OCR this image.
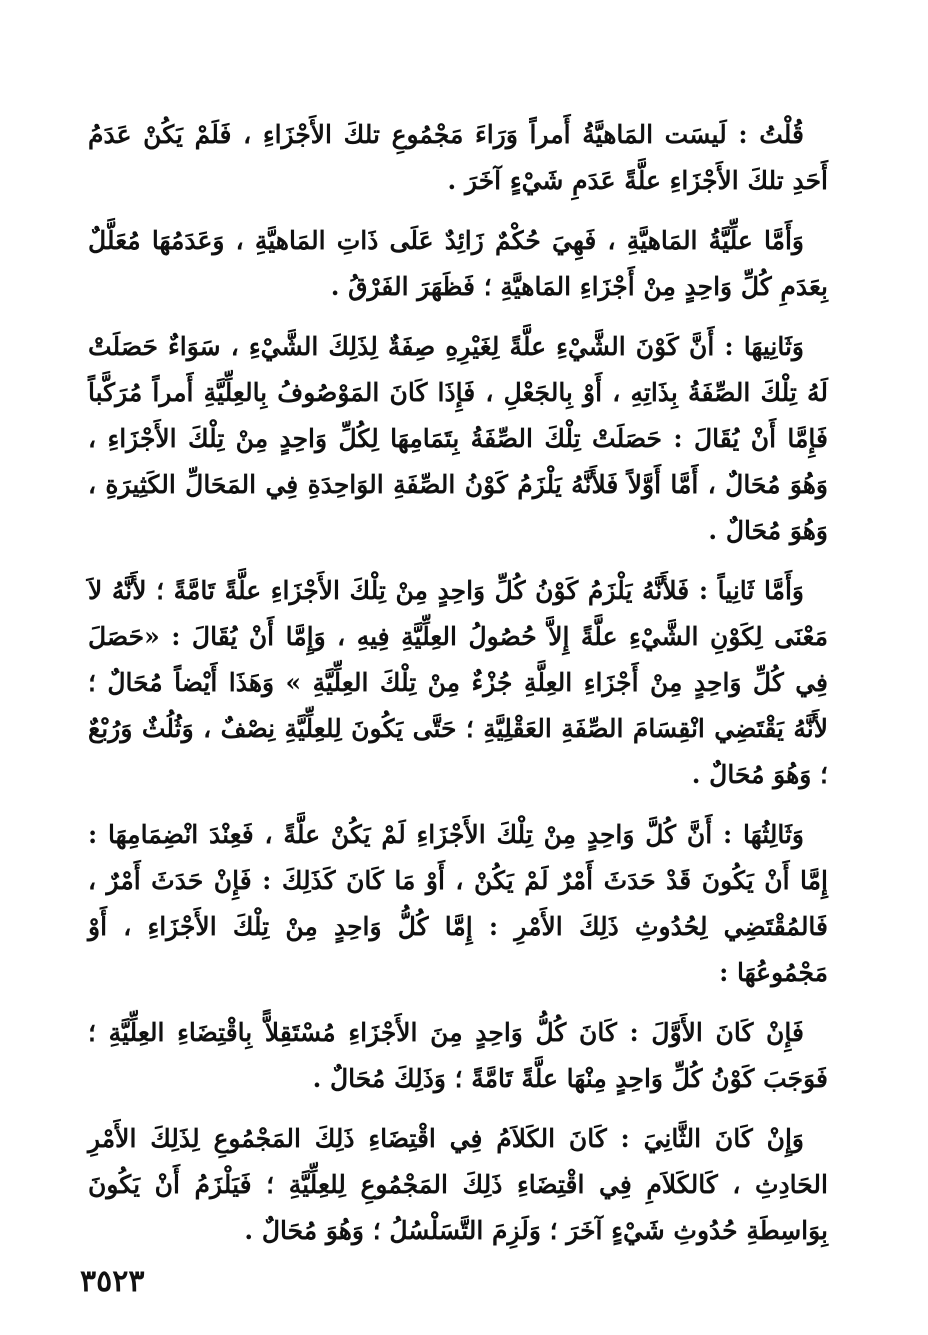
قُلْتُ : لَيسَت المَاهيَّةُ أَمراً وَرَاءَ مَجْمُوعِ تلكَ الأَجْزَاءِ ، فَلَمْ يَكُنْ عَدَمُ أَحَدِ تلكَ الأَجْزَاءِ علَّةً عَدَمِ شَيْءٍ آخَرَ .

وَأَمَّا علِّيَّةُ المَاهيَّةِ ، فَهِيَ حُكْمٌ زَائِدٌ عَلَى ذَاتِ المَاهيَّةِ ، وَعَدَمُهَا مُعَلَّلٌ بِعَدَمِ كُلِّ وَاحِدٍ مِنْ أَجْزَاءِ المَاهيَّةِ ؛ فَظَهَرَ الفَرْقُ .

وَثَانِيهَا : أَنَّ كَوْنَ الشَّيْءِ علَّةً لِغَيْرِهِ صِفَةٌ لِذَلِكَ الشَّيْءِ ، سَوَاءٌ حَصَلَتْ لَهُ تِلْكَ الصِّفَةُ بِذَاتِهِ ، أَوْ بِالجَعْلِ ، فَإِذَا كَانَ المَوْصُوفُ بِالعِلِّيَّةِ أَمراً مُرَكَّباً فَإِمَّا أَنْ يُقَالَ : حَصَلَتْ تِلْكَ الصِّفَةُ بِتَمَامِهَا لِكُلِّ وَاحِدٍ مِنْ تِلْكَ الأَجْزَاءِ ، وَهُوَ مُحَالٌ ، أَمَّا أَوَّلاً فَلأَنَّهُ يَلْزَمُ كَوْنُ الصِّفَةِ الوَاحِدَةِ فِي المَحَالِّ الكَثِيرَةِ ، وَهُوَ مُحَالٌ .

وَأَمَّا ثَانِياً : فَلأَنَّهُ يَلْزَمُ كَوْنُ كُلِّ وَاحِدٍ مِنْ تِلْكَ الأَجْزَاءِ علَّةً تَامَّةً ؛ لأَنَّهُ لاَ مَعْنَى لِكَوْنِ الشَّيْءِ علَّةً إِلاَّ حُصُولُ العِلِّيَّةِ فِيهِ ، وَإِمَّا أَنْ يُقَالَ : «حَصَلَ فِي كُلِّ وَاحِدٍ مِنْ أَجْزَاءِ العِلَّةِ جُزْءٌ مِنْ تِلْكَ العِلِّيَّةِ » وَهَذَا أَيْضاً مُحَالٌ ؛ لأَنَّهُ يَقْتَضِي انْقِسَامَ الصِّفَةِ العَقْلِيَّةِ ؛ حَتَّى يَكُونَ لِلعِلِّيَّةِ نِصْفٌ ، وَثُلُثٌ وَرُبْعٌ ؛ وَهُوَ مُحَالٌ .

وَثَالِثُهَا : أَنَّ كُلَّ وَاحِدٍ مِنْ تِلْكَ الأَجْزَاءِ لَمْ يَكُنْ علَّةً ، فَعِنْدَ انْضِمَامِهَا : إِمَّا أَنْ يَكُونَ قَدْ حَدَثَ أَمْرٌ لَمْ يَكُنْ ، أَوْ مَا كَانَ كَذَلِكَ : فَإِنْ حَدَثَ أَمْرٌ ، فَالمُقْتَضِي لِحُدُوثِ ذَلِكَ الأَمْرِ : إِمَّا كُلُّ وَاحِدٍ مِنْ تِلْكَ الأَجْزَاءِ ، أَوْ مَجْمُوعُهَا :

فَإِنْ كَانَ الأَوَّلَ : كَانَ كُلُّ وَاحِدٍ مِنَ الأَجْزَاءِ مُسْتَقِلاًّ بِاقْتِضَاءِ العِلِّيَّةِ ؛ فَوَجَبَ كَوْنُ كُلِّ وَاحِدٍ مِنْهَا علَّةً تَامَّةً ؛ وَذَلِكَ مُحَالٌ .

وَإِنْ كَانَ الثَّانِيَ : كَانَ الكَلاَمُ فِي اقْتِضَاءِ ذَلِكَ المَجْمُوعِ لِذَلِكَ الأَمْرِ الحَادِثِ ، كَالكَلاَمِ فِي اقْتِضَاءِ ذَلِكَ المَجْمُوعِ لِلعِلِّيَّةِ ؛ فَيَلْزَمُ أَنْ يَكُونَ بِوَاسِطَةِ حُدُوثِ شَيْءٍ آخَرَ ؛ وَلَزِمَ التَّسَلْسُلُ ؛ وَهُوَ مُحَالٌ .

٣٥٢٣
